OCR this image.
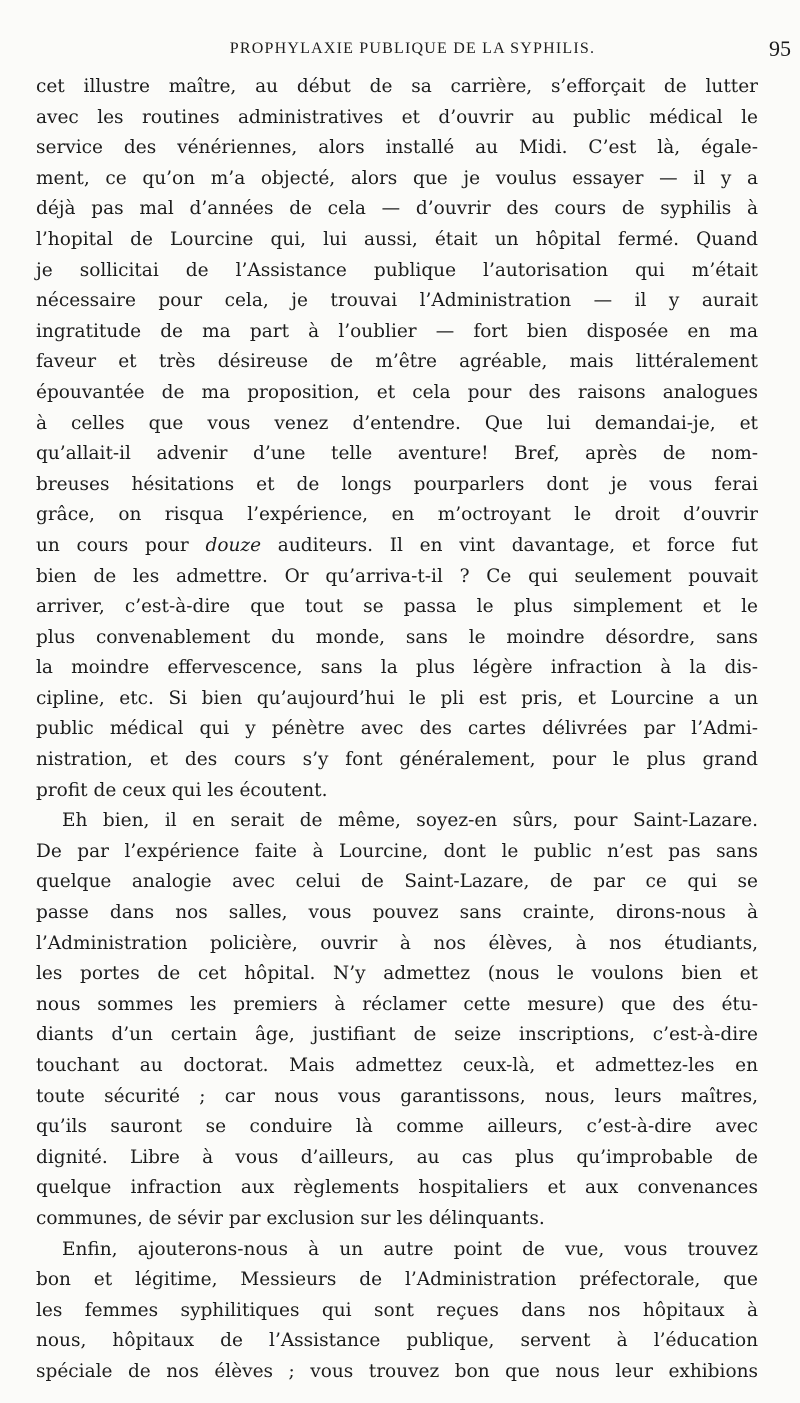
PROPHYLAXIE PUBLIQUE DE LA SYPHILIS.	95
cet illustre maître, au début de sa carrière, s’efforçait de lutter
avec les routines administratives et d’ouvrir au public médical le
service des vénériennes, alors installé au Midi. C’est là, égale-
ment, ce qu’on m’a objecté, alors que je voulus essayer — il y a
déjà pas mal d’années de cela — d’ouvrir des cours de syphilis à
l’hopital de Lourcine qui, lui aussi, était un hôpital fermé. Quand
je sollicitai de l’Assistance publique l’autorisation qui m’était
nécessaire pour cela, je trouvai l’Administration — il y aurait
ingratitude de ma part à l’oublier — fort bien disposée en ma
faveur et très désireuse de m’être agréable, mais littéralement
épouvantée de ma proposition, et cela pour des raisons analogues
à celles que vous venez d’entendre. Que lui demandai-je, et
qu’allait-il advenir d’une telle aventure! Bref, après de nom-
breuses hésitations et de longs pourparlers dont je vous ferai
grâce, on risqua l’expérience, en m’octroyant le droit d’ouvrir
un cours pour douze auditeurs. Il en vint davantage, et force fut
bien de les admettre. Or qu’arriva-t-il ? Ce qui seulement pouvait
arriver, c’est-à-dire que tout se passa le plus simplement et le
plus convenablement du monde, sans le moindre désordre, sans
la moindre effervescence, sans la plus légère infraction à la dis-
cipline, etc. Si bien qu’aujourd’hui le pli est pris, et Lourcine a un
public médical qui y pénètre avec des cartes délivrées par l’Admi-
nistration, et des cours s’y font généralement, pour le plus grand
profit de ceux qui les écoutent.
Eh bien, il en serait de même, soyez-en sûrs, pour Saint-Lazare.
De par l’expérience faite à Lourcine, dont le public n’est pas sans
quelque analogie avec celui de Saint-Lazare, de par ce qui se
passe dans nos salles, vous pouvez sans crainte, dirons-nous à
l’Administration policière, ouvrir à nos élèves, à nos étudiants,
les portes de cet hôpital. N’y admettez (nous le voulons bien et
nous sommes les premiers à réclamer cette mesure) que des étu-
diants d’un certain âge, justifiant de seize inscriptions, c’est-à-dire
touchant au doctorat. Mais admettez ceux-là, et admettez-les en
toute sécurité ; car nous vous garantissons, nous, leurs maîtres,
qu’ils sauront se conduire là comme ailleurs, c’est-à-dire avec
dignité. Libre à vous d’ailleurs, au cas plus qu’improbable de
quelque infraction aux règlements hospitaliers et aux convenances
communes, de sévir par exclusion sur les délinquants.
Enfin, ajouterons-nous à un autre point de vue, vous trouvez
bon et légitime, Messieurs de l’Administration préfectorale, que
les femmes syphilitiques qui sont reçues dans nos hôpitaux à
nous, hôpitaux de l’Assistance publique, servent à l’éducation
spéciale de nos élèves ; vous trouvez bon que nous leur exhibions
